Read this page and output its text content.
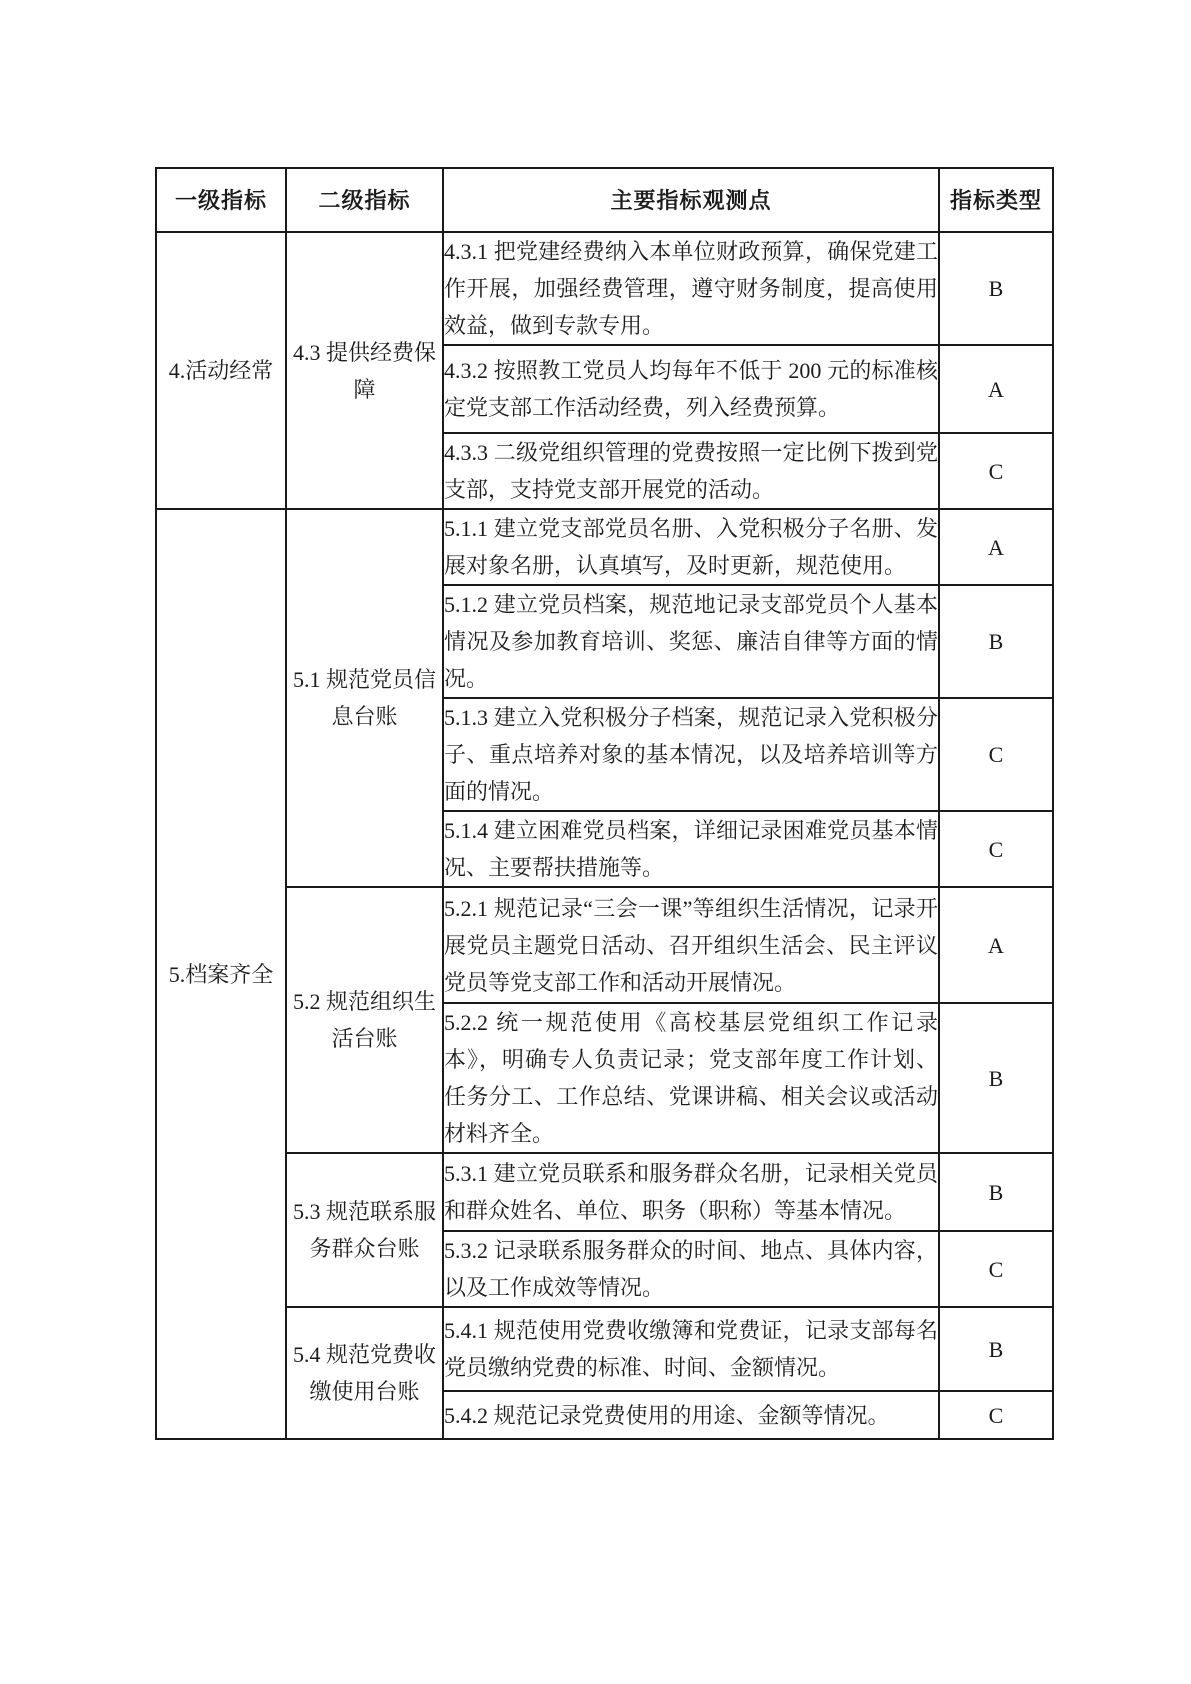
一级指标	二级指标	主要指标观测点	指标类型
4.活动经常	4.3 提供经费保障	4.3.1 把党建经费纳入本单位财政预算，确保党建工作开展，加强经费管理，遵守财务制度，提高使用效益，做到专款专用。	B
		4.3.2 按照教工党员人均每年不低于 200 元的标准核定党支部工作活动经费，列入经费预算。	A
		4.3.3 二级党组织管理的党费按照一定比例下拨到党支部，支持党支部开展党的活动。	C
5.档案齐全	5.1 规范党员信息台账	5.1.1 建立党支部党员名册、入党积极分子名册、发展对象名册，认真填写，及时更新，规范使用。	A
		5.1.2 建立党员档案，规范地记录支部党员个人基本情况及参加教育培训、奖惩、廉洁自律等方面的情况。	B
		5.1.3 建立入党积极分子档案，规范记录入党积极分子、重点培养对象的基本情况，以及培养培训等方面的情况。	C
		5.1.4 建立困难党员档案，详细记录困难党员基本情况、主要帮扶措施等。	C
	5.2 规范组织生活台账	5.2.1 规范记录“三会一课”等组织生活情况，记录开展党员主题党日活动、召开组织生活会、民主评议党员等党支部工作和活动开展情况。	A
		5.2.2 统一规范使用《高校基层党组织工作记录本》，明确专人负责记录；党支部年度工作计划、任务分工、工作总结、党课讲稿、相关会议或活动材料齐全。	B
	5.3 规范联系服务群众台账	5.3.1 建立党员联系和服务群众名册，记录相关党员和群众姓名、单位、职务（职称）等基本情况。	B
		5.3.2 记录联系服务群众的时间、地点、具体内容，以及工作成效等情况。	C
	5.4 规范党费收缴使用台账	5.4.1 规范使用党费收缴簿和党费证，记录支部每名党员缴纳党费的标准、时间、金额情况。	B
		5.4.2 规范记录党费使用的用途、金额等情况。	C
